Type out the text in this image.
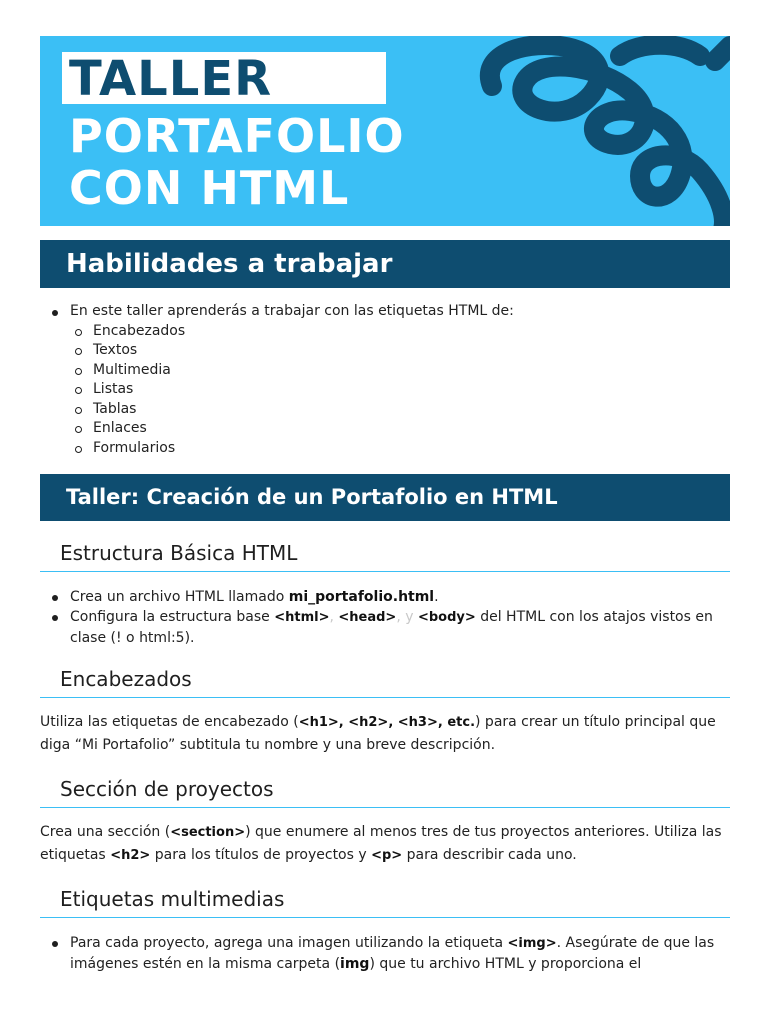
TALLER
PORTAFOLIO
CON HTML
Habilidades a trabajar
En este taller aprenderás a trabajar con las etiquetas HTML de:
Encabezados
Textos
Multimedia
Listas
Tablas
Enlaces
Formularios
Taller: Creación de un Portafolio en HTML
Estructura Básica HTML
Crea un archivo HTML llamado mi_portafolio.html.
Configura la estructura base <html>, <head>, y <body> del HTML con los atajos vistos en clase (! o html:5).
Encabezados

Utiliza las etiquetas de encabezado (<h1>, <h2>, <h3>, etc.) para crear un título principal que diga “Mi Portafolio” subtitula tu nombre y una breve descripción.

Sección de proyectos

Crea una sección (<section>) que enumere al menos tres de tus proyectos anteriores. Utiliza las etiquetas <h2> para los títulos de proyectos y <p> para describir cada uno.

Etiquetas multimedias
Para cada proyecto, agrega una imagen utilizando la etiqueta <img>. Asegúrate de que las imágenes estén en la misma carpeta (img) que tu archivo HTML y proporciona el
